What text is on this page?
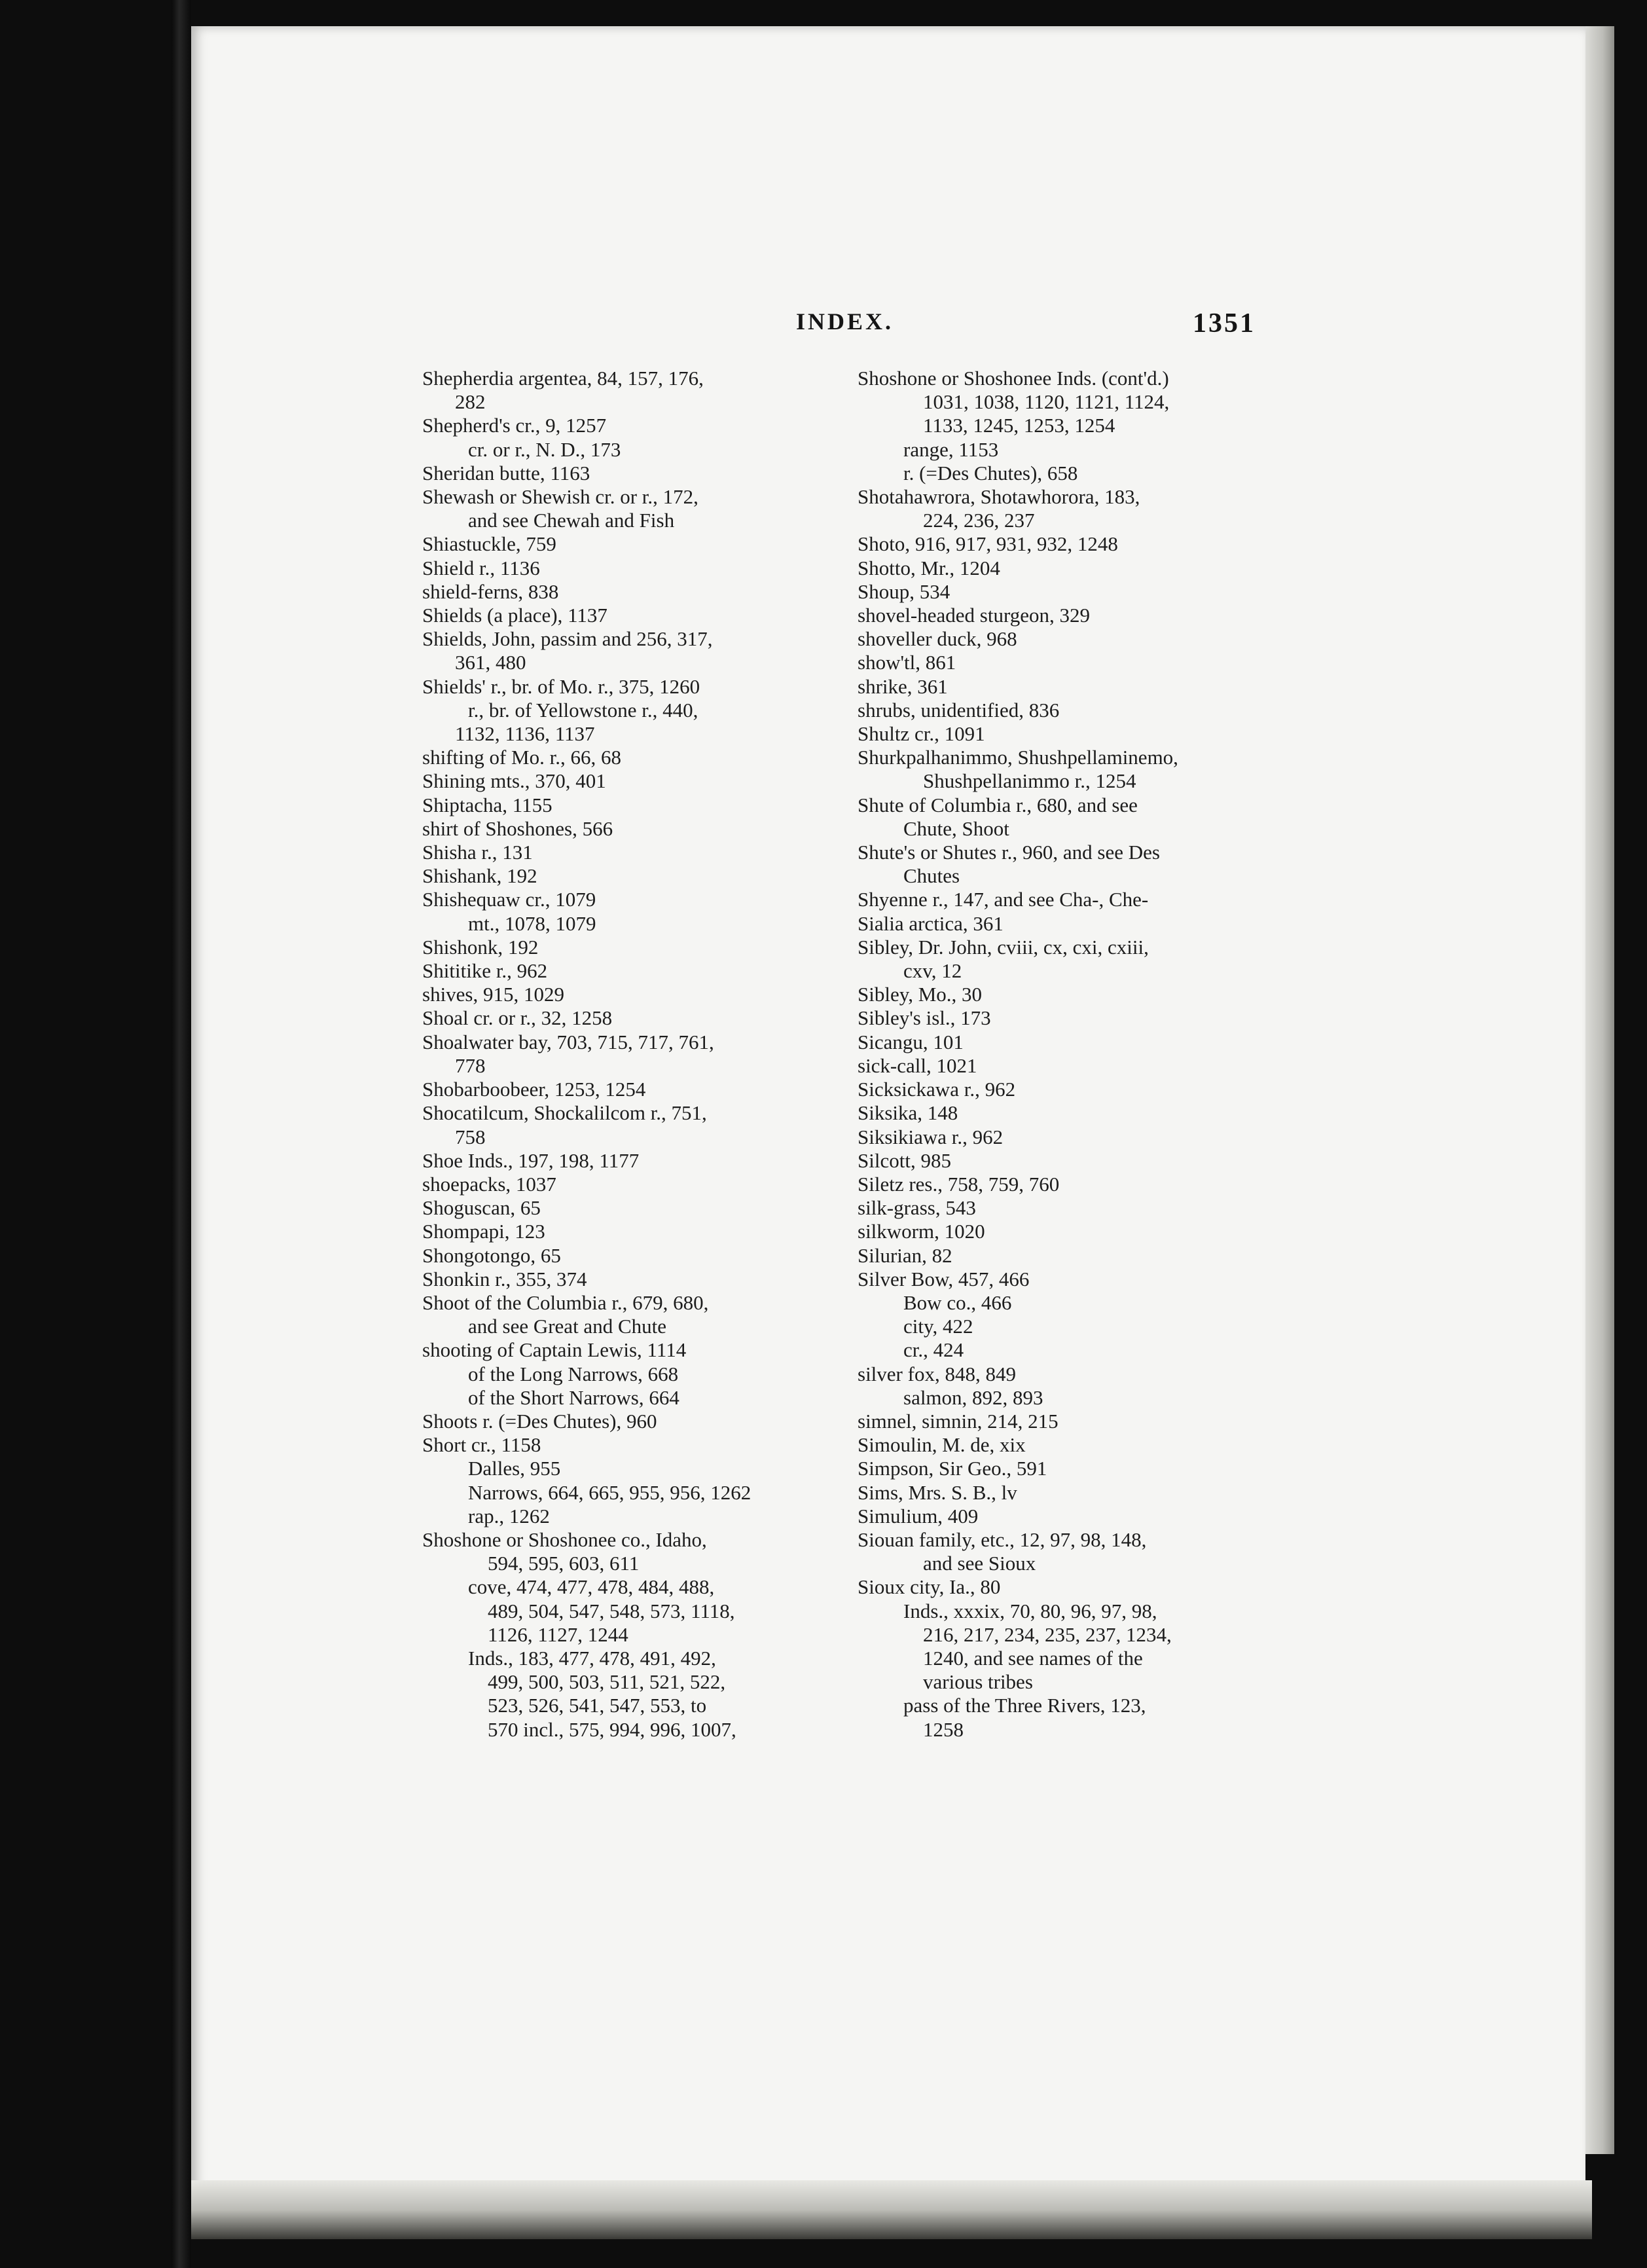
INDEX.	1351

Shepherdia argentea, 84, 157, 176,

282

Shepherd's cr., 9, 1257

cr. or r., N. D., 173

Sheridan butte, 1163

Shewash or Shewish cr. or r., 172,

and see Chewah and Fish

Shiastuckle, 759

Shield r., 1136

shield-ferns, 838

Shields (a place), 1137

Shields, John, passim and 256, 317,

361, 480

Shields' r., br. of Mo. r., 375, 1260

r., br. of Yellowstone r., 440,

1132, 1136, 1137

shifting of Mo. r., 66, 68

Shining mts., 370, 401

Shiptacha, 1155

shirt of Shoshones, 566

Shisha r., 131

Shishank, 192

Shishequaw cr., 1079

mt., 1078, 1079

Shishonk, 192

Shititike r., 962

shives, 915, 1029

Shoal cr. or r., 32, 1258

Shoalwater bay, 703, 715, 717, 761,

778

Shobarboobeer, 1253, 1254

Shocatilcum, Shockalilcom r., 751,

758

Shoe Inds., 197, 198, 1177

shoepacks, 1037

Shoguscan, 65

Shompapi, 123

Shongotongo, 65

Shonkin r., 355, 374

Shoot of the Columbia r., 679, 680,

and see Great and Chute

shooting of Captain Lewis, 1114

of the Long Narrows, 668

of the Short Narrows, 664

Shoots r. (=Des Chutes), 960

Short cr., 1158

Dalles, 955

Narrows, 664, 665, 955, 956, 1262

rap., 1262

Shoshone or Shoshonee co., Idaho,

594, 595, 603, 611

cove, 474, 477, 478, 484, 488,

489, 504, 547, 548, 573, 1118,

1126, 1127, 1244

Inds., 183, 477, 478, 491, 492,

499, 500, 503, 511, 521, 522,

523, 526, 541, 547, 553, to

570 incl., 575, 994, 996, 1007,

Shoshone or Shoshonee Inds. (cont'd.)

1031, 1038, 1120, 1121, 1124,

1133, 1245, 1253, 1254

range, 1153

r. (=Des Chutes), 658

Shotahawrora, Shotawhorora, 183,

224, 236, 237

Shoto, 916, 917, 931, 932, 1248

Shotto, Mr., 1204

Shoup, 534

shovel-headed sturgeon, 329

shoveller duck, 968

show'tl, 861

shrike, 361

shrubs, unidentified, 836

Shultz cr., 1091

Shurkpalhanimmo, Shushpellaminemo,

Shushpellanimmo r., 1254

Shute of Columbia r., 680, and see

Chute, Shoot

Shute's or Shutes r., 960, and see Des

Chutes

Shyenne r., 147, and see Cha-, Che-

Sialia arctica, 361

Sibley, Dr. John, cviii, cx, cxi, cxiii,

cxv, 12

Sibley, Mo., 30

Sibley's isl., 173

Sicangu, 101

sick-call, 1021

Sicksickawa r., 962

Siksika, 148

Siksikiawa r., 962

Silcott, 985

Siletz res., 758, 759, 760

silk-grass, 543

silkworm, 1020

Silurian, 82

Silver Bow, 457, 466

Bow co., 466

city, 422

cr., 424

silver fox, 848, 849

salmon, 892, 893

simnel, simnin, 214, 215

Simoulin, M. de, xix

Simpson, Sir Geo., 591

Sims, Mrs. S. B., lv

Simulium, 409

Siouan family, etc., 12, 97, 98, 148,

and see Sioux

Sioux city, Ia., 80

Inds., xxxix, 70, 80, 96, 97, 98,

216, 217, 234, 235, 237, 1234,

1240, and see names of the

various tribes

pass of the Three Rivers, 123,

1258
